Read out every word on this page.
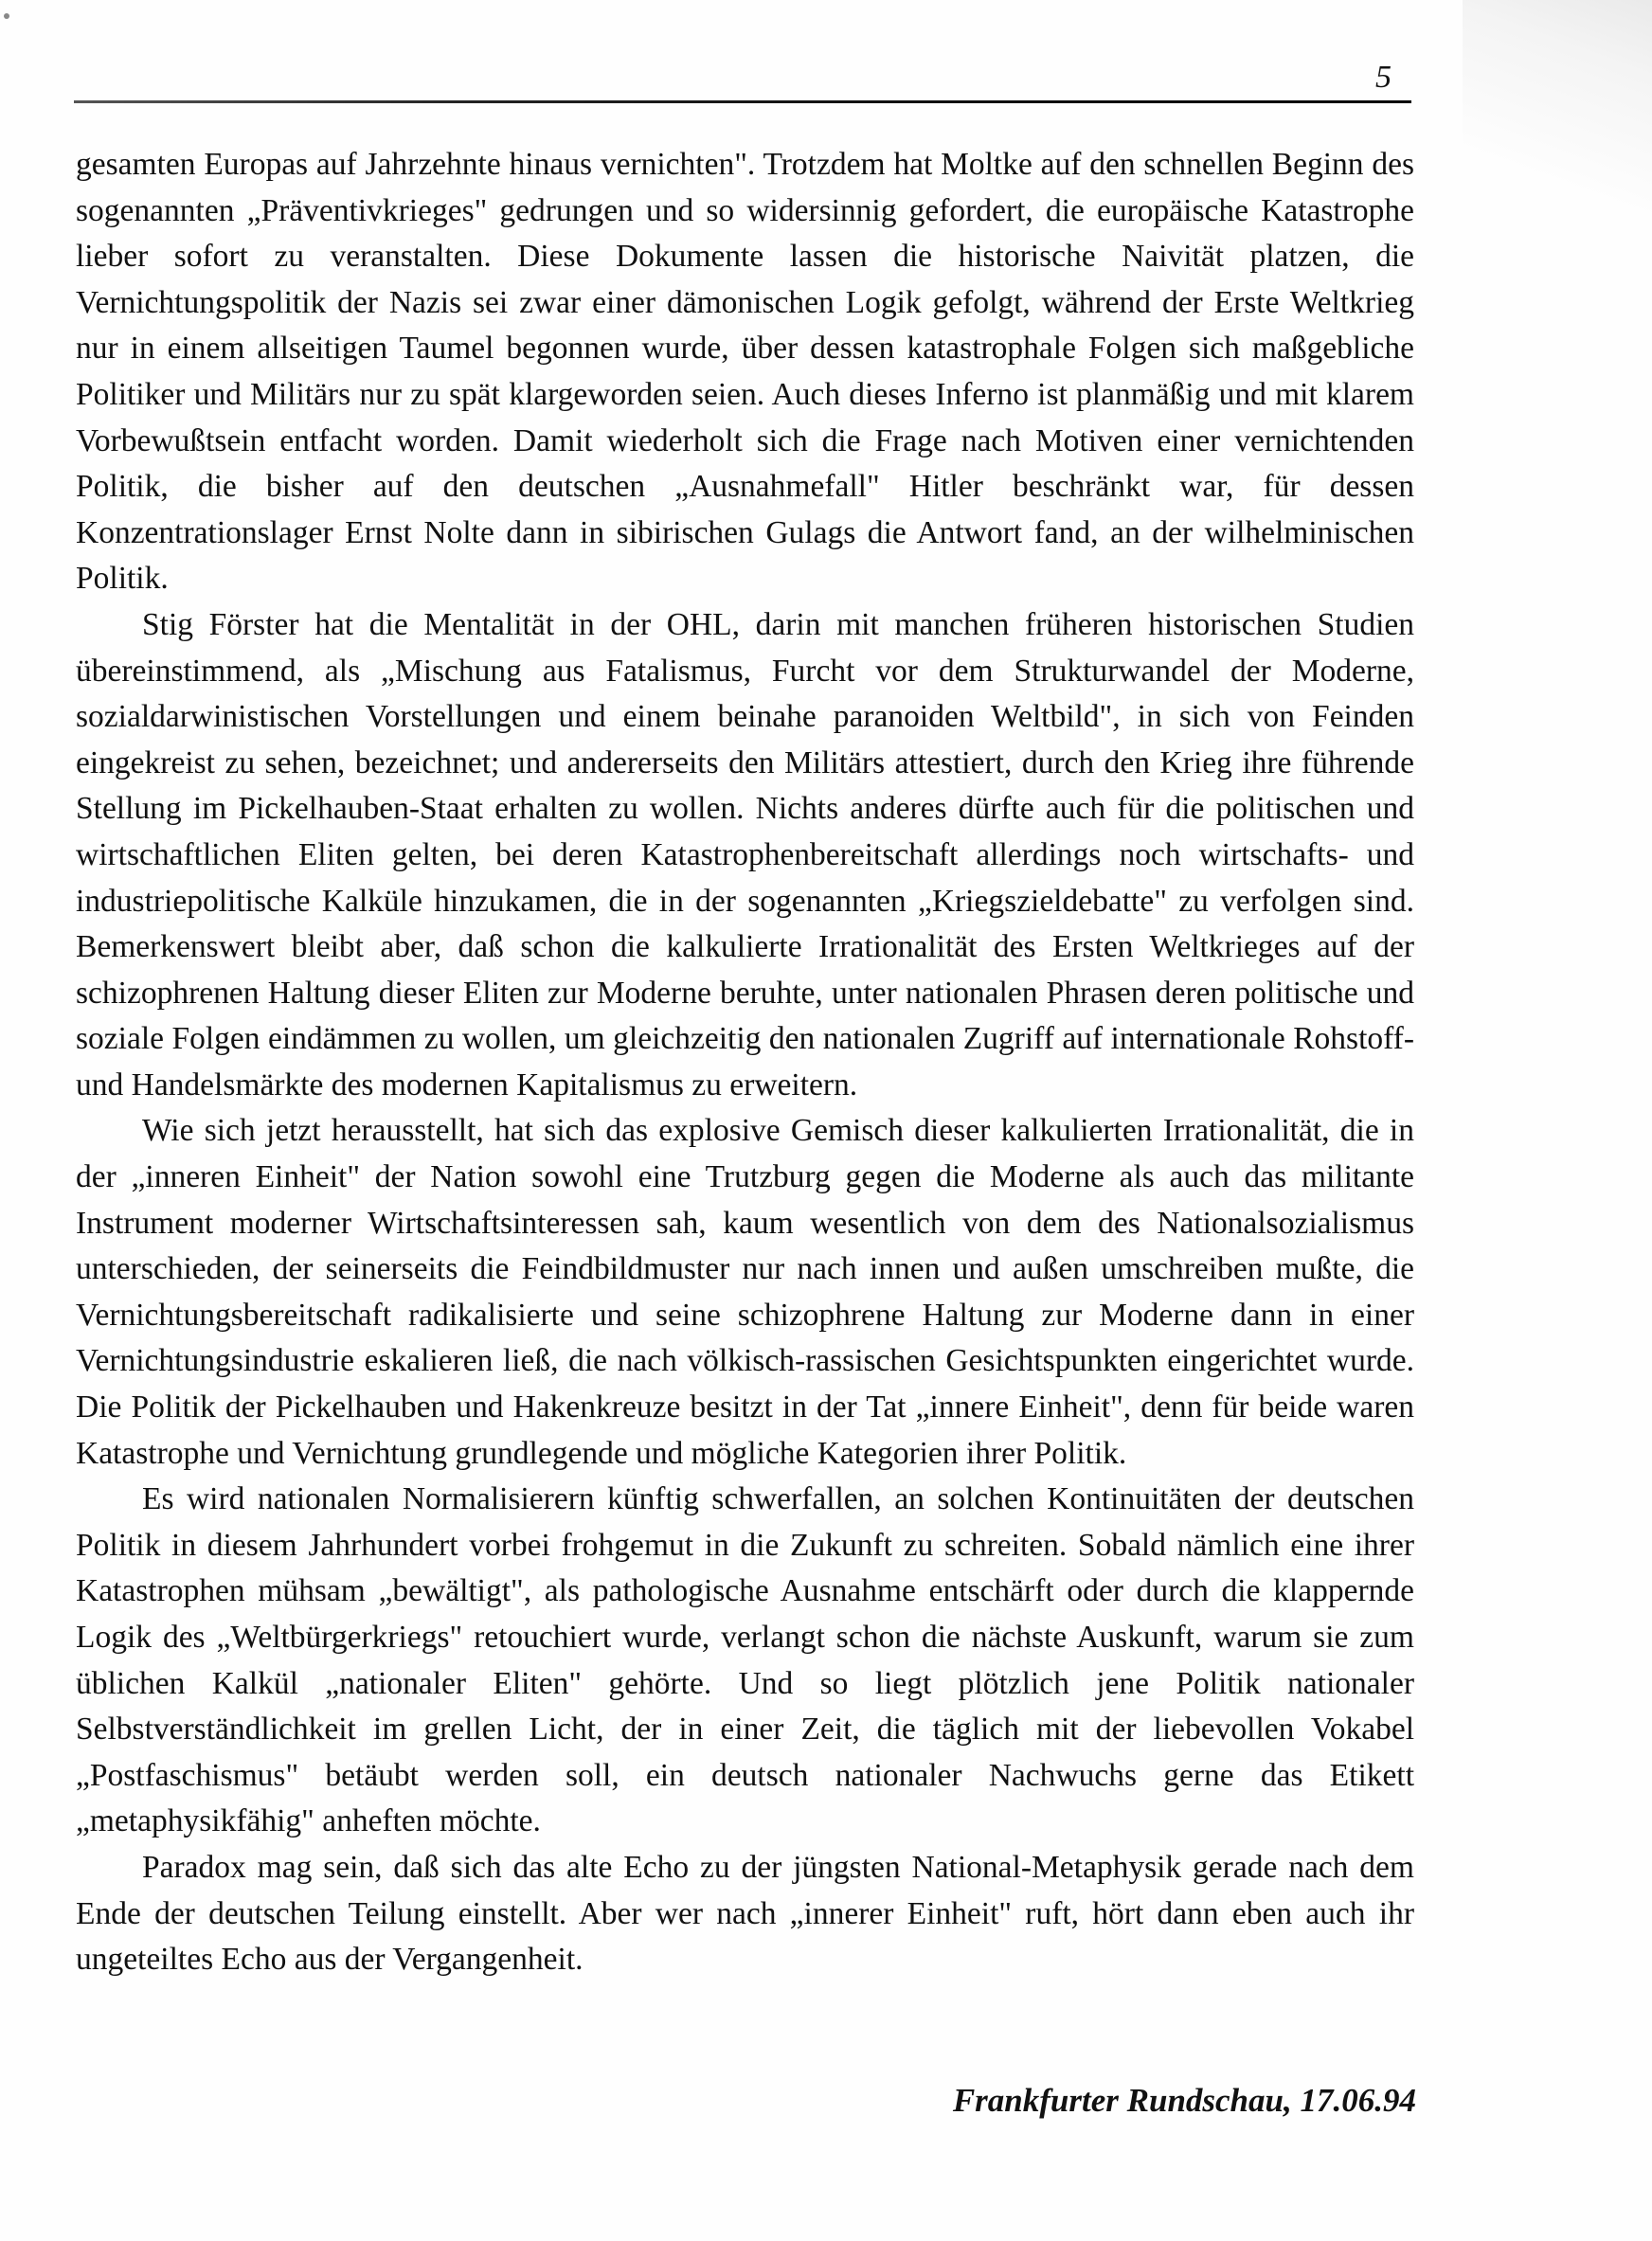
5

gesamten Europas auf Jahrzehnte hinaus vernichten". Trotzdem hat Moltke auf den schnellen Beginn des sogenannten „Präventivkrieges" gedrungen und so widersinnig gefordert, die europäische Katastrophe lieber sofort zu veranstalten. Diese Dokumente lassen die historische Naivität platzen, die Vernichtungspolitik der Nazis sei zwar einer dämonischen Logik gefolgt, während der Erste Weltkrieg nur in einem allseitigen Taumel begonnen wurde, über dessen katastrophale Folgen sich maßgebliche Politiker und Militärs nur zu spät klargeworden seien. Auch dieses Inferno ist planmäßig und mit klarem Vorbewußtsein entfacht worden. Damit wiederholt sich die Frage nach Motiven einer vernichtenden Politik, die bisher auf den deutschen „Ausnahmefall" Hitler beschränkt war, für dessen Konzentrationslager Ernst Nolte dann in sibirischen Gulags die Antwort fand, an der wilhelminischen Politik.

Stig Förster hat die Mentalität in der OHL, darin mit manchen früheren historischen Studien übereinstimmend, als „Mischung aus Fatalismus, Furcht vor dem Strukturwandel der Moderne, sozialdarwinistischen Vorstellungen und einem beinahe paranoiden Weltbild", in sich von Feinden eingekreist zu sehen, bezeichnet; und andererseits den Militärs attestiert, durch den Krieg ihre führende Stellung im Pickelhauben-Staat erhalten zu wollen. Nichts anderes dürfte auch für die politischen und wirtschaftlichen Eliten gelten, bei deren Katastrophenbereitschaft allerdings noch wirtschafts- und industriepolitische Kalküle hinzukamen, die in der sogenannten „Kriegszieldebatte" zu verfolgen sind. Bemerkenswert bleibt aber, daß schon die kalkulierte Irrationalität des Ersten Weltkrieges auf der schizophrenen Haltung dieser Eliten zur Moderne beruhte, unter nationalen Phrasen deren politische und soziale Folgen eindämmen zu wollen, um gleichzeitig den nationalen Zugriff auf internationale Rohstoff- und Handelsmärkte des modernen Kapitalismus zu erweitern.

Wie sich jetzt herausstellt, hat sich das explosive Gemisch dieser kalkulierten Irrationalität, die in der „inneren Einheit" der Nation sowohl eine Trutzburg gegen die Moderne als auch das militante Instrument moderner Wirtschaftsinteressen sah, kaum wesentlich von dem des Nationalsozialismus unterschieden, der seinerseits die Feindbildmuster nur nach innen und außen umschreiben mußte, die Vernichtungsbereitschaft radikalisierte und seine schizophrene Haltung zur Moderne dann in einer Vernichtungsindustrie eskalieren ließ, die nach völkisch-rassischen Gesichtspunkten eingerichtet wurde. Die Politik der Pickelhauben und Hakenkreuze besitzt in der Tat „innere Einheit", denn für beide waren Katastrophe und Vernichtung grundlegende und mögliche Kategorien ihrer Politik.

Es wird nationalen Normalisierern künftig schwerfallen, an solchen Kontinuitäten der deutschen Politik in diesem Jahrhundert vorbei frohgemut in die Zukunft zu schreiten. Sobald nämlich eine ihrer Katastrophen mühsam „bewältigt", als pathologische Ausnahme entschärft oder durch die klappernde Logik des „Weltbürgerkriegs" retouchiert wurde, verlangt schon die nächste Auskunft, warum sie zum üblichen Kalkül „nationaler Eliten" gehörte. Und so liegt plötzlich jene Politik nationaler Selbstverständlichkeit im grellen Licht, der in einer Zeit, die täglich mit der liebevollen Vokabel „Postfaschismus" betäubt werden soll, ein deutsch nationaler Nachwuchs gerne das Etikett „metaphysikfähig" anheften möchte.

Paradox mag sein, daß sich das alte Echo zu der jüngsten National-Metaphysik gerade nach dem Ende der deutschen Teilung einstellt. Aber wer nach „innerer Einheit" ruft, hört dann eben auch ihr ungeteiltes Echo aus der Vergangenheit.

Frankfurter Rundschau, 17.06.94
